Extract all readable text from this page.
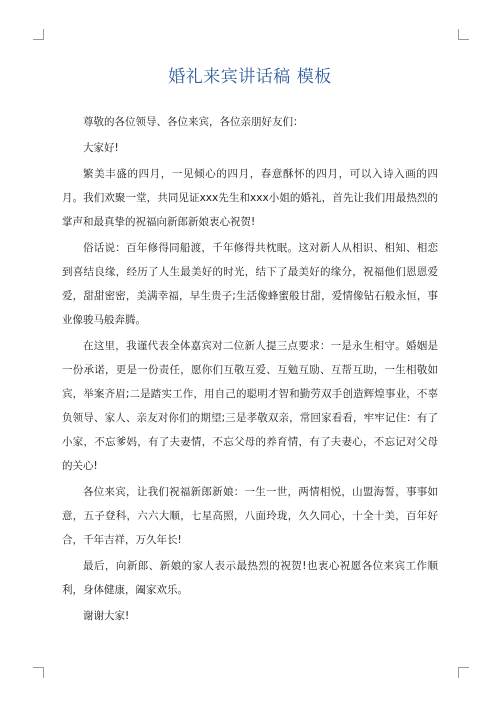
婚礼来宾讲话稿 模板

尊敬的各位领导、各位来宾，各位亲朋好友们：

大家好!

繁美丰盛的四月，一见倾心的四月，春意酥怀的四月，可以入诗入画的四月。我们欢聚一堂，共同见证xxx先生和xxx小姐的婚礼，首先让我们用最热烈的掌声和最真挚的祝福向新郎新娘衷心祝贺!

俗话说：百年修得同船渡，千年修得共枕眠。这对新人从相识、相知、相恋到喜结良缘，经历了人生最美好的时光，结下了最美好的缘分，祝福他们恩恩爱爱，甜甜密密，美满幸福，早生贵子;生活像蜂蜜般甘甜，爱情像钻石般永恒，事业像骏马般奔腾。

在这里，我谨代表全体嘉宾对二位新人提三点要求：一是永生相守。婚姻是一份承诺，更是一份责任，愿你们互敬互爱、互勉互励、互帮互助，一生相敬如宾，举案齐眉;二是踏实工作，用自己的聪明才智和勤劳双手创造辉煌事业，不辜负领导、家人、亲友对你们的期望;三是孝敬双亲，常回家看看，牢牢记住：有了小家，不忘爹妈，有了夫妻情，不忘父母的养育情，有了夫妻心，不忘记对父母的关心!

各位来宾，让我们祝福新郎新娘：一生一世，两情相悦，山盟海誓，事事如意，五子登科，六六大顺，七星高照，八面玲珑，久久同心，十全十美，百年好合，千年吉祥，万久年长!

最后，向新郎、新娘的家人表示最热烈的祝贺!也衷心祝愿各位来宾工作顺利，身体健康，阖家欢乐。

谢谢大家!
